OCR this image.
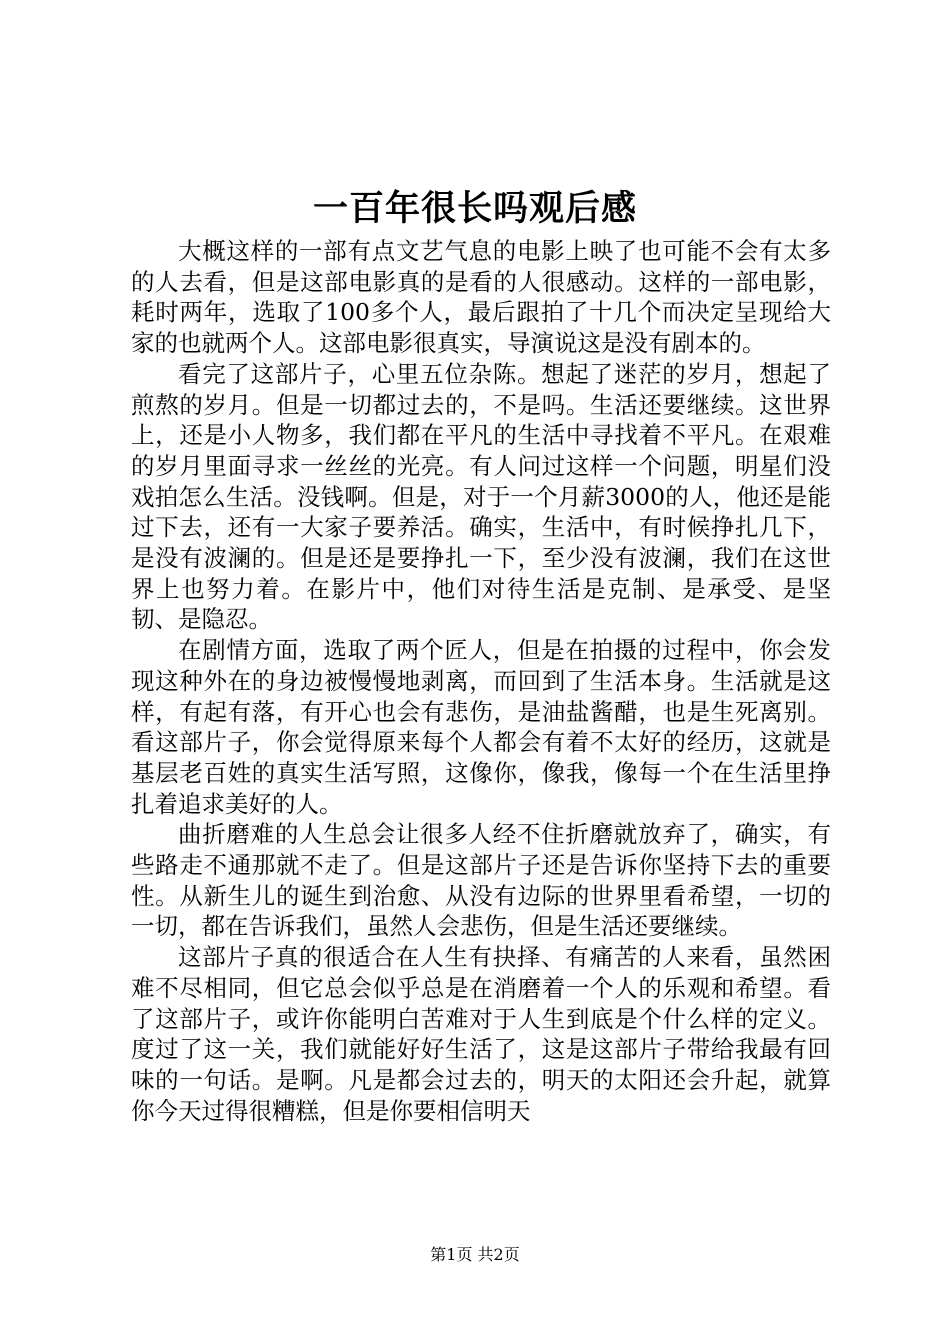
一百年很长吗观后感

大概这样的一部有点文艺气息的电影上映了也可能不会有太多的人去看，但是这部电影真的是看的人很感动。这样的一部电影，耗时两年，选取了100多个人，最后跟拍了十几个而决定呈现给大家的也就两个人。这部电影很真实，导演说这是没有剧本的。

看完了这部片子，心里五位杂陈。想起了迷茫的岁月，想起了煎熬的岁月。但是一切都过去的，不是吗。生活还要继续。这世界上，还是小人物多，我们都在平凡的生活中寻找着不平凡。在艰难的岁月里面寻求一丝丝的光亮。有人问过这样一个问题，明星们没戏拍怎么生活。没钱啊。但是，对于一个月薪3000的人，他还是能过下去，还有一大家子要养活。确实，生活中，有时候挣扎几下，是没有波澜的。但是还是要挣扎一下，至少没有波澜，我们在这世界上也努力着。在影片中，他们对待生活是克制、是承受、是坚韧、是隐忍。

在剧情方面，选取了两个匠人，但是在拍摄的过程中，你会发现这种外在的身边被慢慢地剥离，而回到了生活本身。生活就是这样，有起有落，有开心也会有悲伤，是油盐酱醋，也是生死离别。看这部片子，你会觉得原来每个人都会有着不太好的经历，这就是基层老百姓的真实生活写照，这像你，像我，像每一个在生活里挣扎着追求美好的人。

曲折磨难的人生总会让很多人经不住折磨就放弃了，确实，有些路走不通那就不走了。但是这部片子还是告诉你坚持下去的重要性。从新生儿的诞生到治愈、从没有边际的世界里看希望，一切的一切，都在告诉我们，虽然人会悲伤，但是生活还要继续。

这部片子真的很适合在人生有抉择、有痛苦的人来看，虽然困难不尽相同，但它总会似乎总是在消磨着一个人的乐观和希望。看了这部片子，或许你能明白苦难对于人生到底是个什么样的定义。度过了这一关，我们就能好好生活了，这是这部片子带给我最有回味的一句话。是啊。凡是都会过去的，明天的太阳还会升起，就算你今天过得很糟糕，但是你要相信明天

第1页 共2页
